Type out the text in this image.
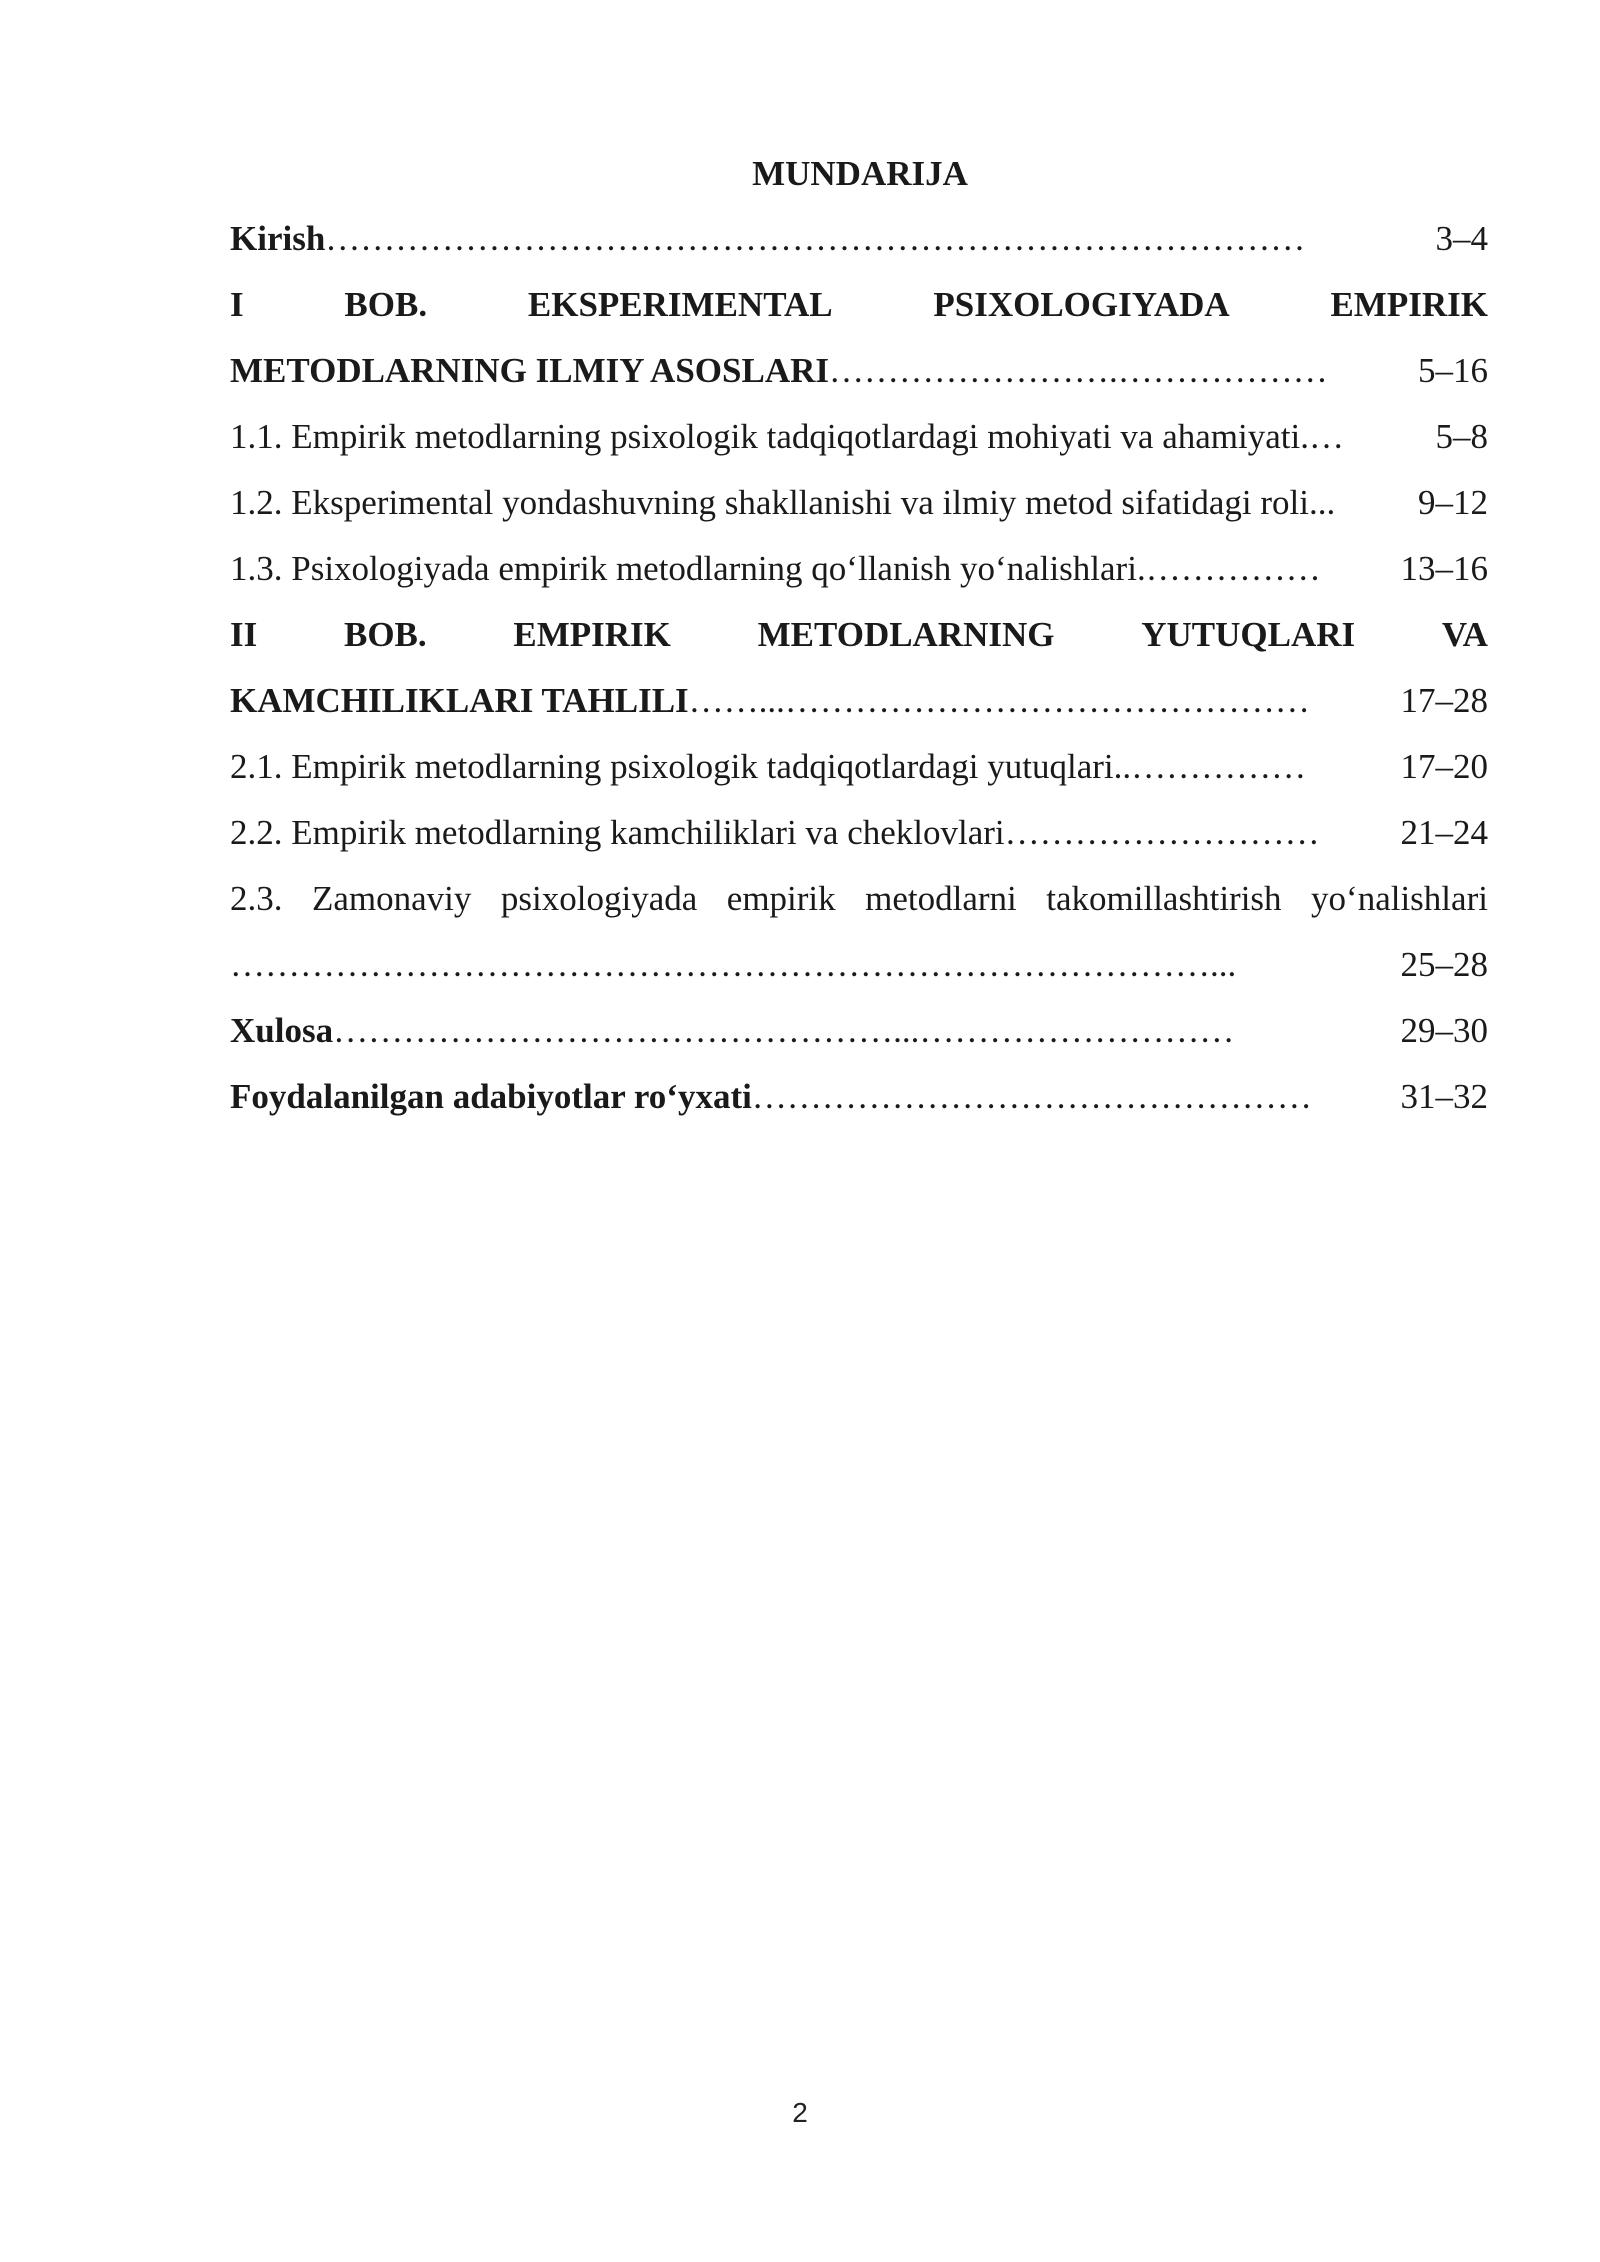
MUNDARIJA
Kirish …………………………………………………………………………	3–4
I	BOB.	EKSPERIMENTAL	PSIXOLOGIYADA	EMPIRIK
METODLARNING ILMIY ASOSLARI …………………….………………	5–16
1.1. Empirik metodlarning psixologik tadqiqotlardagi mohiyati va ahamiyati. …	5–8
1.2. Eksperimental yondashuvning shakllanishi va ilmiy metod sifatidagi roli... 9–12
1.3. Psixologiyada empirik metodlarning qo‘llanish yo‘nalishlari. ……………	13–16
II BOB. EMPIRIK METODLARNING YUTUQLARI VA
KAMCHILIKLARI TAHLILI ……...………………………………………	17–28
2.1. Empirik metodlarning psixologik tadqiqotlardagi yutuqlari.. ……………	17–20
2.2. Empirik metodlarning kamchiliklari va cheklovlari ………………………	21–24
2.3. Zamonaviy psixologiyada empirik metodlarni takomillashtirish yo‘nalishlari
…………………………………………………………………………...	25–28
Xulosa …………………………………………...………………………	29–30
Foydalanilgan adabiyotlar ro‘yxati …………………………………………	31–32
2
